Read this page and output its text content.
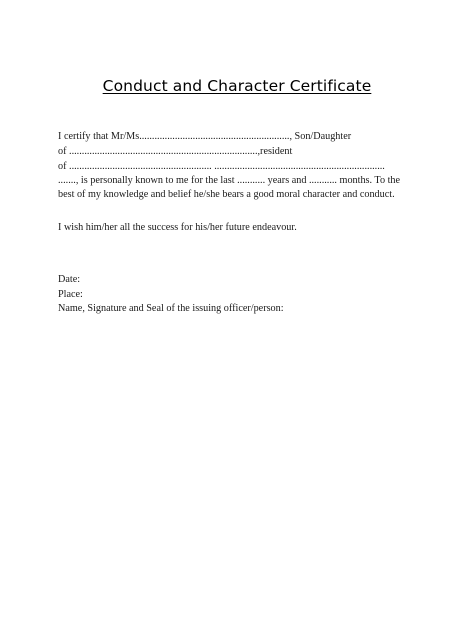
Conduct and Character Certificate
I certify that Mr/Ms..........................................................., Son/Daughter
of ..........................................................................,resident
of ........................................................ ...................................................................
......., is personally known to me for the last ........... years and ........... months. To the
best of my knowledge and belief he/she bears a good moral character and conduct.
I wish him/her all the success for his/her future endeavour.
Date:
Place:
Name, Signature and Seal of the issuing officer/person:
